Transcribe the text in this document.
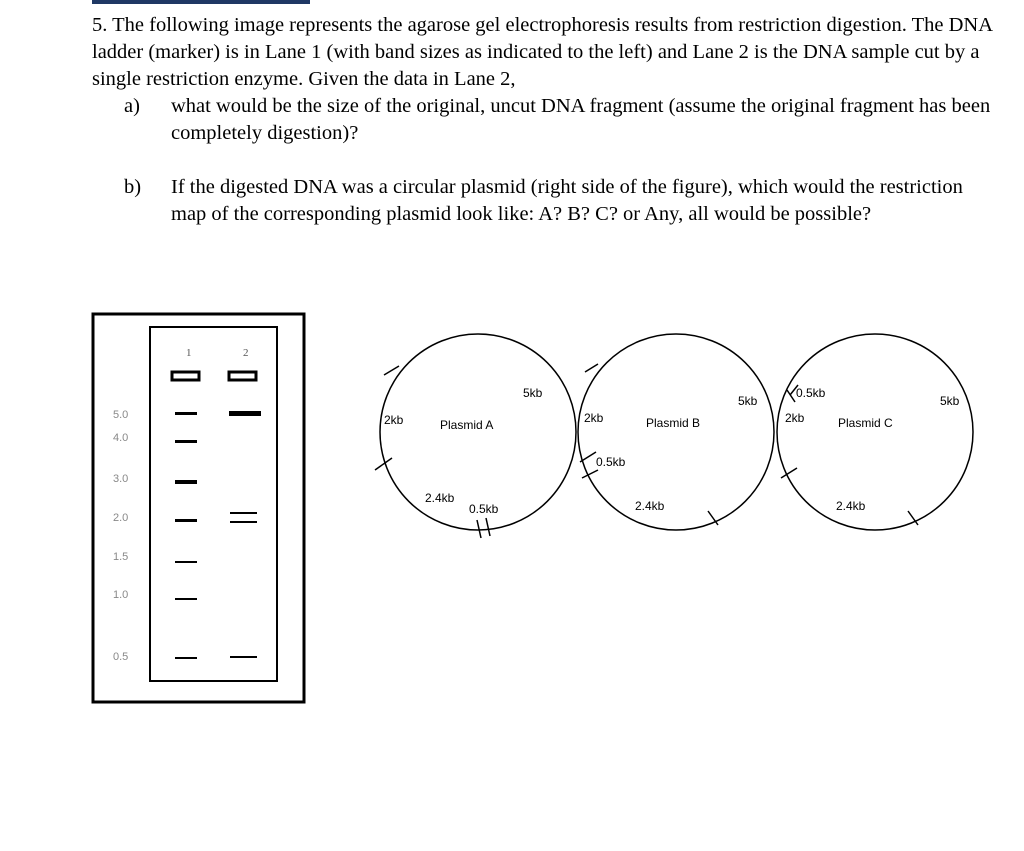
5. The following image represents the agarose gel electrophoresis results from restriction digestion. The DNA ladder (marker) is in Lane 1 (with band sizes as indicated to the left) and Lane 2 is the DNA sample cut by a single restriction enzyme. Given the data in Lane 2,

a)	what would be the size of the original, uncut DNA fragment (assume the original fragment has been completely digestion)?
b)	If the digested DNA was a circular plasmid (right side of the figure), which would the restriction map of the corresponding plasmid look like: A? B? C? or Any, all would be possible?
1	2
5.0
4.0
3.0
2.0
1.5
1.0
0.5
5kb
2kb	Plasmid A
2.4kb
0.5kb
5kb
2kb	Plasmid B
0.5kb
2.4kb
5kb
0.5kb
2kb	Plasmid C
2.4kb
